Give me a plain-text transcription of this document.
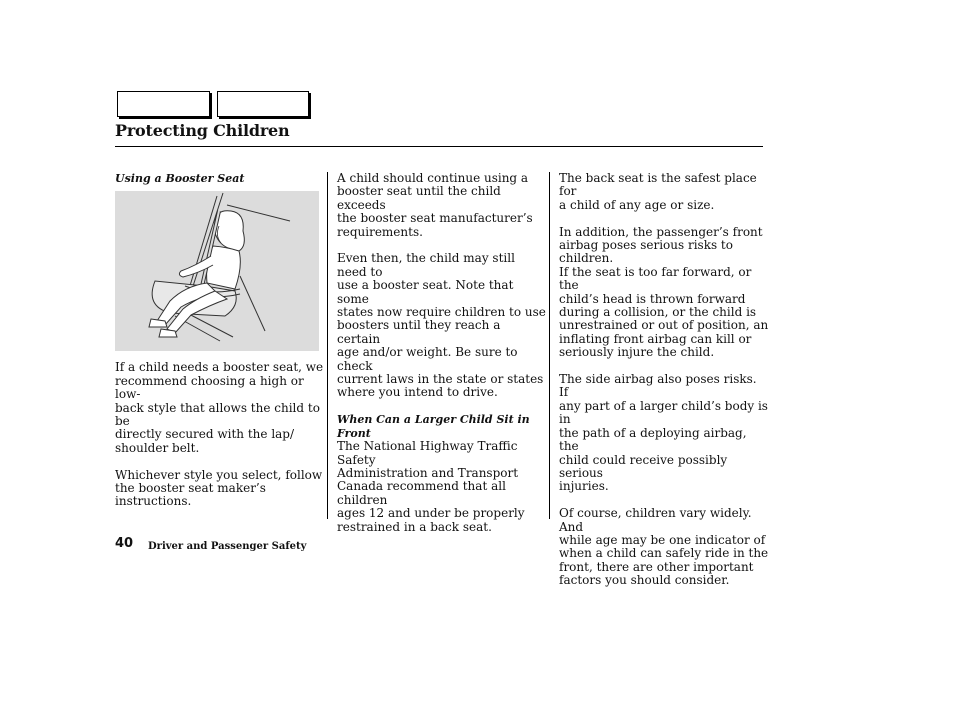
Protecting Children
Using a Booster Seat

If a child needs a booster seat, we
recommend choosing a high or low-
back style that allows the child to be
directly secured with the lap/
shoulder belt.

Whichever style you select, follow
the booster seat maker’s instructions.

A child should continue using a
booster seat until the child exceeds
the booster seat manufacturer’s
requirements.

Even then, the child may still need to
use a booster seat. Note that some
states now require children to use
boosters until they reach a certain
age and/or weight. Be sure to check
current laws in the state or states
where you intend to drive.

When Can a Larger Child Sit in Front

The National Highway Traffic Safety
Administration and Transport
Canada recommend that all children
ages 12 and under be properly
restrained in a back seat.

The back seat is the safest place for
a child of any age or size.

In addition, the passenger’s front
airbag poses serious risks to children.
If the seat is too far forward, or the
child’s head is thrown forward
during a collision, or the child is
unrestrained or out of position, an
inflating front airbag can kill or
seriously injure the child.

The side airbag also poses risks. If
any part of a larger child’s body is in
the path of a deploying airbag, the
child could receive possibly serious
injuries.

Of course, children vary widely. And
while age may be one indicator of
when a child can safely ride in the
front, there are other important
factors you should consider.

40 Driver and Passenger Safety
